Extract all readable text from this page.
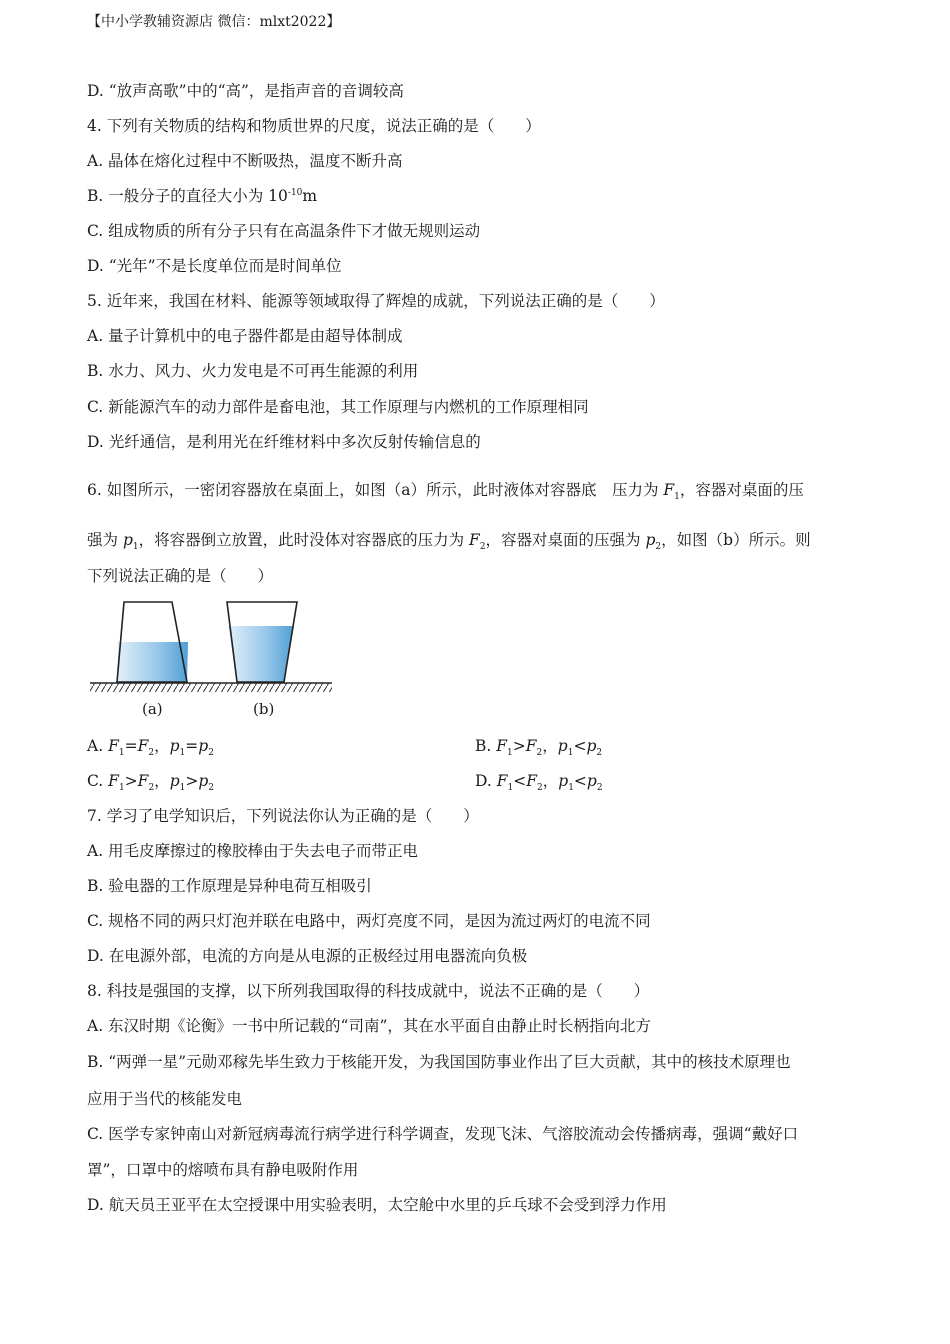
【中小学教辅资源店 微信：mlxt2022】
D. “放声高歌”中的“高”，是指声音的音调较高
4. 下列有关物质的结构和物质世界的尺度，说法正确的是（　　）
A. 晶体在熔化过程中不断吸热，温度不断升高
B. 一般分子的直径大小为 $10^{-10}m$
C. 组成物质的所有分子只有在高温条件下才做无规则运动
D. “光年”不是长度单位而是时间单位
5. 近年来，我国在材料、能源等领域取得了辉煌的成就，下列说法正确的是（　　）
A. 量子计算机中的电子器件都是由超导体制成
B. 水力、风力、火力发电是不可再生能源的利用
C. 新能源汽车的动力部件是畜电池，其工作原理与内燃机的工作原理相同
D. 光纤通信，是利用光在纤维材料中多次反射传输信息的
6. 如图所示，一密闭容器放在桌面上，如图（a）所示，此时液体对容器底　压力为 $F_1$，容器对桌面的压
强为 $p_1$，将容器倒立放置，此时没体对容器底的压力为 $F_2$，容器对桌面的压强为 $p_2$，如图（b）所示。则
下列说法正确的是（　　）
(a)	(b)
A. $F_1=F_2$，$p_1=p_2$	B. $F_1>F_2$，$p_1<p_2$
C. $F_1>F_2$，$p_1>p_2$	D. $F_1<F_2$，$p_1<p_2$
7. 学习了电学知识后，下列说法你认为正确的是（　　）
A. 用毛皮摩擦过的橡胶棒由于失去电子而带正电
B. 验电器的工作原理是异种电荷互相吸引
C. 规格不同的两只灯泡并联在电路中，两灯亮度不同，是因为流过两灯的电流不同
D. 在电源外部，电流的方向是从电源的正极经过用电器流向负极
8. 科技是强国的支撑，以下所列我国取得的科技成就中，说法不正确的是（　　）
A. 东汉时期《论衡》一书中所记载的“司南”，其在水平面自由静止时长柄指向北方
B. “两弹一星”元勋邓稼先毕生致力于核能开发，为我国国防事业作出了巨大贡献，其中的核技术原理也
应用于当代的核能发电
C. 医学专家钟南山对新冠病毒流行病学进行科学调查，发现飞沫、气溶胶流动会传播病毒，强调“戴好口
罩”，口罩中的熔喷布具有静电吸附作用
D. 航天员王亚平在太空授课中用实验表明，太空舱中水里的乒乓球不会受到浮力作用
